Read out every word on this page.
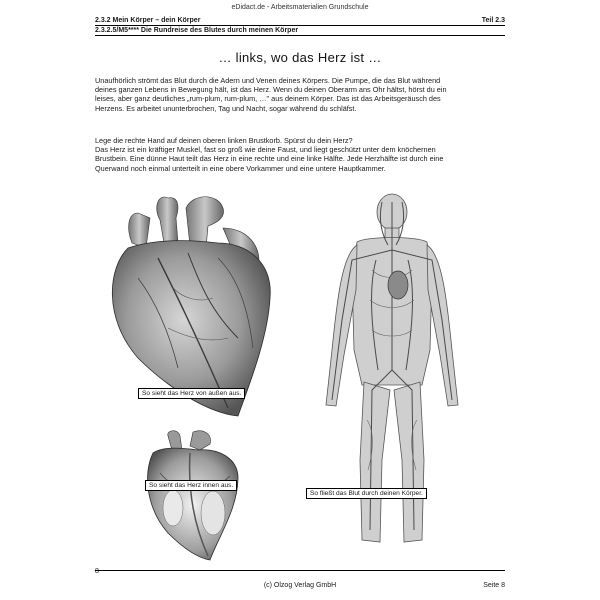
eDidact.de - Arbeitsmaterialien Grundschule
2.3.2 Mein Körper – dein Körper	Teil 2.3
2.3.2.5/M5**** Die Rundreise des Blutes durch meinen Körper
… links, wo das Herz ist …
Unaufhörlich strömt das Blut durch die Adern und Venen deines Körpers. Die Pumpe, die das Blut während deines ganzen Lebens in Bewegung hält, ist das Herz. Wenn du deinen Oberarm ans Ohr hältst, hörst du ein leises, aber ganz deutliches „rum-plum, rum-plum, …" aus deinem Körper. Das ist das Arbeitsgeräusch des Herzens. Es arbeitet ununterbrochen, Tag und Nacht, sogar während du schläfst.
Lege die rechte Hand auf deinen oberen linken Brustkorb. Spürst du dein Herz?
Das Herz ist ein kräftiger Muskel, fast so groß wie deine Faust, und liegt geschützt unter dem knöchernen Brustbein. Eine dünne Haut teilt das Herz in eine rechte und eine linke Hälfte. Jede Herzhälfte ist durch eine Querwand noch einmal unterteilt in eine obere Vorkammer und eine untere Hauptkammer.
So sieht das Herz von außen aus.
So sieht das Herz innen aus.
So fließt das Blut durch deinen Körper.
8
(c) Olzog Verlag GmbH	Seite 8
